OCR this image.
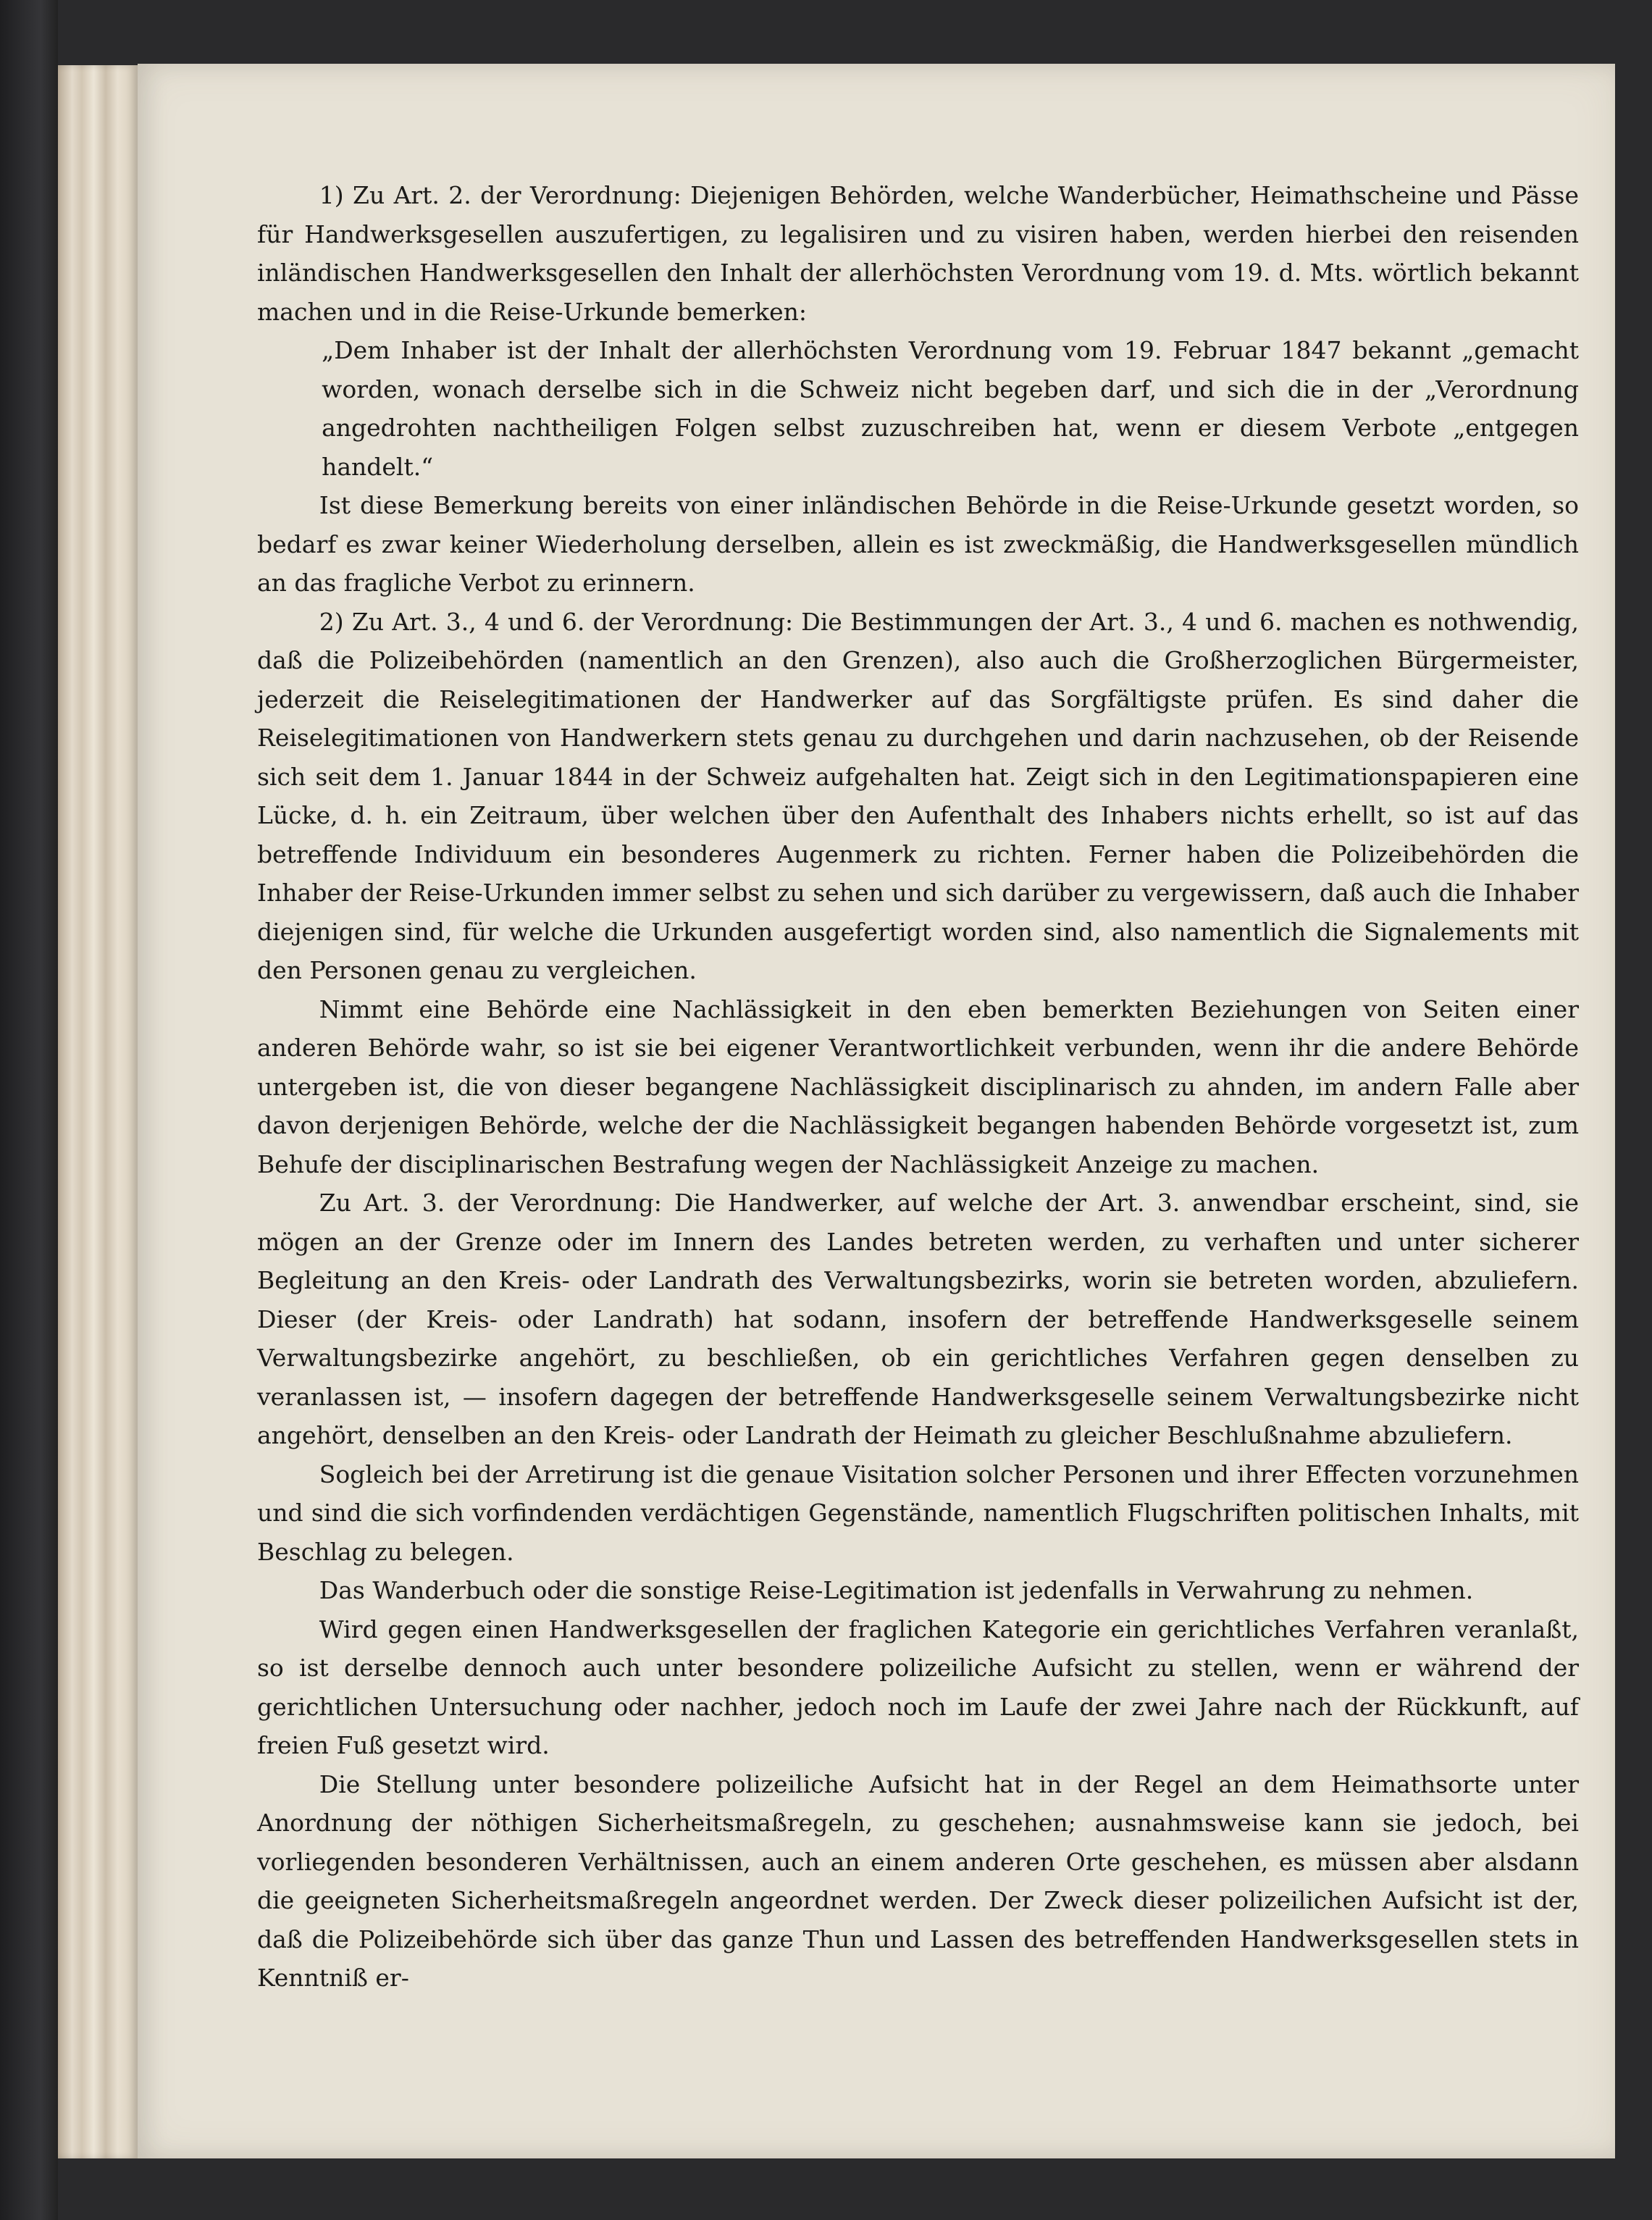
1) Zu Art. 2. der Verordnung: Diejenigen Behörden, welche Wanderbücher, Heimathscheine und Pässe für Handwerksgesellen auszufertigen, zu legalisiren und zu visiren haben, werden hierbei den reisenden inländischen Handwerksgesellen den Inhalt der allerhöchsten Verordnung vom 19. d. Mts. wörtlich bekannt machen und in die Reise-Urkunde bemerken:

„Dem Inhaber ist der Inhalt der allerhöchsten Verordnung vom 19. Februar 1847 bekannt „gemacht worden, wonach derselbe sich in die Schweiz nicht begeben darf, und sich die in der „Verordnung angedrohten nachtheiligen Folgen selbst zuzuschreiben hat, wenn er diesem Verbote „entgegen handelt.“

Ist diese Bemerkung bereits von einer inländischen Behörde in die Reise-Urkunde gesetzt worden, so bedarf es zwar keiner Wiederholung derselben, allein es ist zweckmäßig, die Handwerksgesellen mündlich an das fragliche Verbot zu erinnern.

2) Zu Art. 3., 4 und 6. der Verordnung: Die Bestimmungen der Art. 3., 4 und 6. machen es nothwendig, daß die Polizeibehörden (namentlich an den Grenzen), also auch die Großherzoglichen Bürgermeister, jederzeit die Reiselegitimationen der Handwerker auf das Sorgfältigste prüfen. Es sind daher die Reiselegitimationen von Handwerkern stets genau zu durchgehen und darin nachzusehen, ob der Reisende sich seit dem 1. Januar 1844 in der Schweiz aufgehalten hat. Zeigt sich in den Legitimationspapieren eine Lücke, d. h. ein Zeitraum, über welchen über den Aufenthalt des Inhabers nichts erhellt, so ist auf das betreffende Individuum ein besonderes Augenmerk zu richten. Ferner haben die Polizeibehörden die Inhaber der Reise-Urkunden immer selbst zu sehen und sich darüber zu vergewissern, daß auch die Inhaber diejenigen sind, für welche die Urkunden ausgefertigt worden sind, also namentlich die Signalements mit den Personen genau zu vergleichen.

Nimmt eine Behörde eine Nachlässigkeit in den eben bemerkten Beziehungen von Seiten einer anderen Behörde wahr, so ist sie bei eigener Verantwortlichkeit verbunden, wenn ihr die andere Behörde untergeben ist, die von dieser begangene Nachlässigkeit disciplinarisch zu ahnden, im andern Falle aber davon derjenigen Behörde, welche der die Nachlässigkeit begangen habenden Behörde vorgesetzt ist, zum Behufe der disciplinarischen Bestrafung wegen der Nachlässigkeit Anzeige zu machen.

Zu Art. 3. der Verordnung: Die Handwerker, auf welche der Art. 3. anwendbar erscheint, sind, sie mögen an der Grenze oder im Innern des Landes betreten werden, zu verhaften und unter sicherer Begleitung an den Kreis- oder Landrath des Verwaltungsbezirks, worin sie betreten worden, abzuliefern. Dieser (der Kreis- oder Landrath) hat sodann, insofern der betreffende Handwerksgeselle seinem Verwaltungsbezirke angehört, zu beschließen, ob ein gerichtliches Verfahren gegen denselben zu veranlassen ist, — insofern dagegen der betreffende Handwerksgeselle seinem Verwaltungsbezirke nicht angehört, denselben an den Kreis- oder Landrath der Heimath zu gleicher Beschlußnahme abzuliefern.

Sogleich bei der Arretirung ist die genaue Visitation solcher Personen und ihrer Effecten vorzunehmen und sind die sich vorfindenden verdächtigen Gegenstände, namentlich Flugschriften politischen Inhalts, mit Beschlag zu belegen.

Das Wanderbuch oder die sonstige Reise-Legitimation ist jedenfalls in Verwahrung zu nehmen.

Wird gegen einen Handwerksgesellen der fraglichen Kategorie ein gerichtliches Verfahren veranlaßt, so ist derselbe dennoch auch unter besondere polizeiliche Aufsicht zu stellen, wenn er während der gerichtlichen Untersuchung oder nachher, jedoch noch im Laufe der zwei Jahre nach der Rückkunft, auf freien Fuß gesetzt wird.

Die Stellung unter besondere polizeiliche Aufsicht hat in der Regel an dem Heimathsorte unter Anordnung der nöthigen Sicherheitsmaßregeln, zu geschehen; ausnahmsweise kann sie jedoch, bei vorliegenden besonderen Verhältnissen, auch an einem anderen Orte geschehen, es müssen aber alsdann die geeigneten Sicherheitsmaßregeln angeordnet werden. Der Zweck dieser polizeilichen Aufsicht ist der, daß die Polizeibehörde sich über das ganze Thun und Lassen des betreffenden Handwerksgesellen stets in Kenntniß er-
